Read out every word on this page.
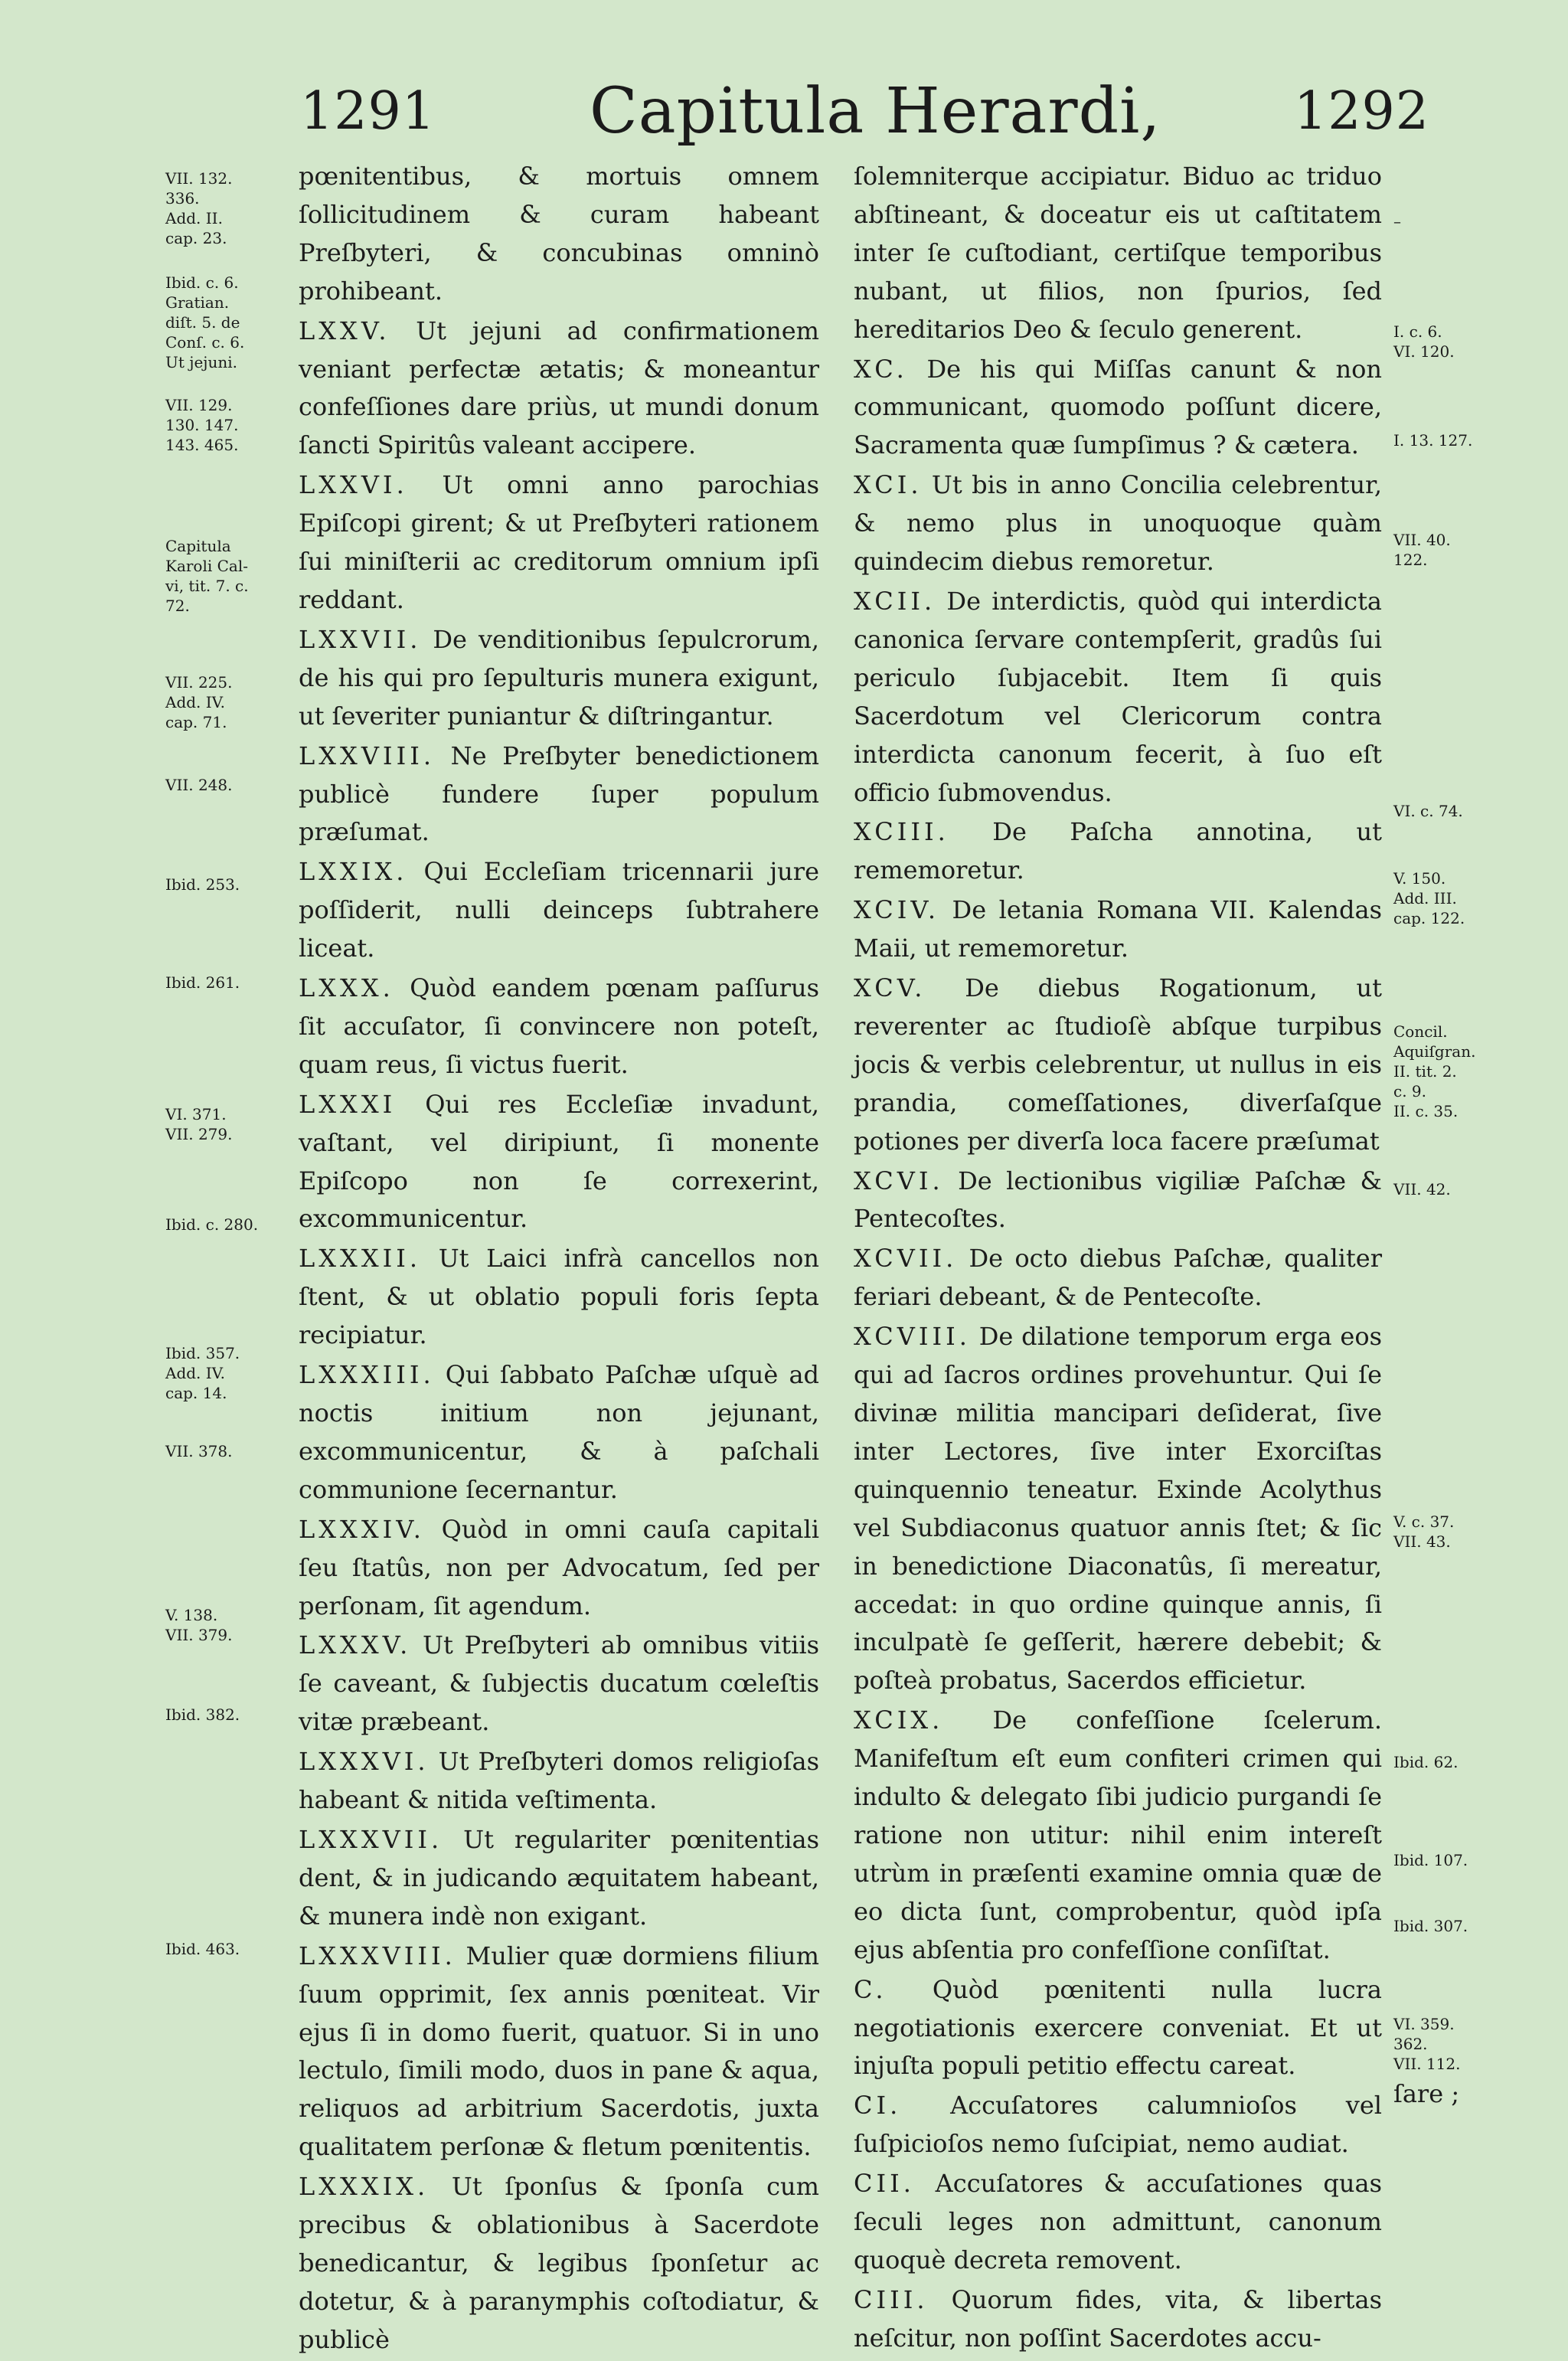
1291 Capitula Herardi,	1292
VII. 132.
336.
Add. II.
cap. 23.
Ibid. c. 6.
Gratian.
diſt. 5. de
Conſ. c. 6.
Ut jejuni.
VII. 129.
130. 147.
143. 465.
Capitula
Karoli Cal-
vi, tit. 7. c.
72.
VII. 225.
Add. IV.
cap. 71.
VII. 248.
Ibid. 253.
Ibid. 261.
VI. 371.
VII. 279.
Ibid. c. 280.
Ibid. 357.
Add. IV.
cap. 14.
VII. 378.
V. 138.
VII. 379.
Ibid. 382.
Ibid. 463.

pœnitentibus, & mortuis omnem ſollicitudinem & curam habeant Preſbyteri, & concubinas omninò prohibeant.

LXXV. Ut jejuni ad confirmationem veniant perfectæ ætatis; & moneantur confeſſiones dare priùs, ut mundi donum ſancti Spiritûs valeant accipere.

LXXVI. Ut omni anno parochias Epiſcopi girent; & ut Preſbyteri rationem ſui miniſterii ac creditorum omnium ipſi reddant.

LXXVII. De venditionibus ſepulcrorum, de his qui pro ſepulturis munera exigunt, ut ſeveriter puniantur & diſtringantur.

LXXVIII. Ne Preſbyter benedictionem publicè fundere ſuper populum præſumat.

LXXIX. Qui Eccleſiam tricennarii jure poſſiderit, nulli deinceps ſubtrahere liceat.

LXXX. Quòd eandem pœnam paſſurus ſit accuſator, ſi convincere non poteſt, quam reus, ſi victus fuerit.

LXXXI Qui res Eccleſiæ invadunt, vaſtant, vel diripiunt, ſi monente Epiſcopo non ſe correxerint, excommunicentur.

LXXXII. Ut Laici infrà cancellos non ſtent, & ut oblatio populi foris ſepta recipiatur.

LXXXIII. Qui ſabbato Paſchæ uſquè ad noctis initium non jejunant, excommunicentur, & à paſchali communione ſecernantur.

LXXXIV. Quòd in omni cauſa capitali ſeu ſtatûs, non per Advocatum, ſed per perſonam, ſit agendum.

LXXXV. Ut Preſbyteri ab omnibus vitiis ſe caveant, & ſubjectis ducatum cœleſtis vitæ præbeant.

LXXXVI. Ut Preſbyteri domos religioſas habeant & nitida veſtimenta.

LXXXVII. Ut regulariter pœnitentias dent, & in judicando æquitatem habeant, & munera indè non exigant.

LXXXVIII. Mulier quæ dormiens filium ſuum opprimit, ſex annis pœniteat. Vir ejus ſi in domo fuerit, quatuor. Si in uno lectulo, ſimili modo, duos in pane & aqua, reliquos ad arbitrium Sacerdotis, juxta qualitatem perſonæ & fletum pœnitentis.

LXXXIX. Ut ſponſus & ſponſa cum precibus & oblationibus à Sacerdote benedicantur, & legibus ſponſetur ac dotetur, & à paranymphis coſtodiatur, & publicè

ſolemniterque accipiatur. Biduo ac triduo abſtineant, & doceatur eis ut caſtitatem inter ſe cuſtodiant, certiſque temporibus nubant, ut filios, non ſpurios, ſed hereditarios Deo & ſeculo generent.

XC. De his qui Miſſas canunt & non communicant, quomodo poſſunt dicere, Sacramenta quæ ſumpſimus ? & cætera.

XCI. Ut bis in anno Concilia celebrentur, & nemo plus in unoquoque quàm quindecim diebus remoretur.

XCII. De interdictis, quòd qui interdicta canonica ſervare contempſerit, gradûs ſui periculo ſubjacebit. Item ſi quis Sacerdotum vel Clericorum contra interdicta canonum fecerit, à ſuo eſt officio ſubmovendus.

XCIII. De Paſcha annotina, ut rememoretur.

XCIV. De letania Romana VII. Kalendas Maii, ut rememoretur.

XCV. De diebus Rogationum, ut reverenter ac ſtudioſè abſque turpibus jocis & verbis celebrentur, ut nullus in eis prandia, comeſſationes, diverſaſque potiones per diverſa loca facere præſumat

XCVI. De lectionibus vigiliæ Paſchæ & Pentecoſtes.

XCVII. De octo diebus Paſchæ, qualiter feriari debeant, & de Pentecoſte.

XCVIII. De dilatione temporum erga eos qui ad ſacros ordines provehuntur. Qui ſe divinæ militia mancipari deſiderat, ſive inter Lectores, ſive inter Exorciſtas quinquennio teneatur. Exinde Acolythus vel Subdiaconus quatuor annis ſtet; & ſic in benedictione Diaconatûs, ſi mereatur, accedat: in quo ordine quinque annis, ſi inculpatè ſe geſſerit, hærere debebit; & poſteà probatus, Sacerdos efficietur.

XCIX. De confeſſione ſcelerum. Manifeſtum eſt eum confiteri crimen qui indulto & delegato ſibi judicio purgandi ſe ratione non utitur: nihil enim intereſt utrùm in præſenti examine omnia quæ de eo dicta ſunt, comprobentur, quòd ipſa ejus abſentia pro confeſſione conſiſtat.

C. Quòd pœnitenti nulla lucra negotiationis exercere conveniat. Et ut injuſta populi petitio effectu careat.

CI. Accuſatores calumnioſos vel ſuſpicioſos nemo ſuſcipiat, nemo audiat.

CII. Accuſatores & accuſationes quas ſeculi leges non admittunt, canonum quoquè decreta removent.

CIII. Quorum fides, vita, & libertas neſcitur, non poſſint Sacerdotes accu-

–
I. c. 6.
VI. 120.
I. 13. 127.
VII. 40.
122.
VI. c. 74.
V. 150.
Add. III.
cap. 122.
Concil.
Aquiſgran.
II. tit. 2.
c. 9.
II. c. 35.
VII. 42.
V. c. 37.
VII. 43.
Ibid. 62.
Ibid. 107.
Ibid. 307.
VI. 359.
362.
VII. 112.
ſare ;
